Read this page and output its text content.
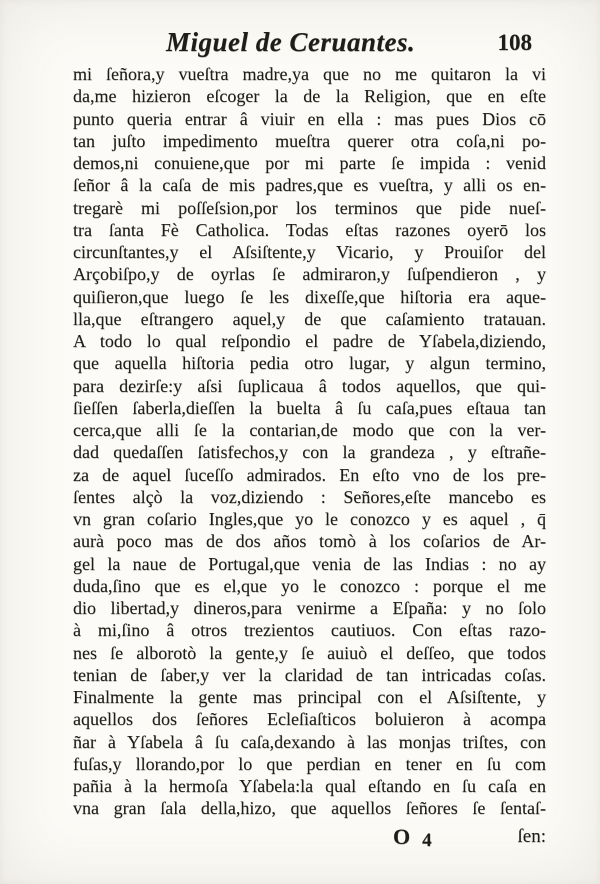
Miguel de Ceruantes.	108
mi ſeñora,y vueſtra madre,ya que no me quitaron la vi
da,me hizieron eſcoger la de la Religion, que en eſte
punto queria entrar â viuir en ella : mas pues Dios cō
tan juſto impedimento mueſtra querer otra coſa,ni po-
demos,ni conuiene,que por mi parte ſe impida : venid
ſeñor â la caſa de mis padres,que es vueſtra, y alli os en-
tregarè mi poſſeſsion,por los terminos que pide nueſ-
tra ſanta Fè Catholica. Todas eſtas razones oyerō los
circunſtantes,y el Aſsiſtente,y Vicario, y Prouiſor del
Arçobiſpo,y de oyrlas ſe admiraron,y ſuſpendieron , y
quiſieron,que luego ſe les dixeſſe,que hiſtoria era aque-
lla,que eſtrangero aquel,y de que caſamiento tratauan.
A todo lo qual reſpondio el padre de Yſabela,diziendo,
que aquella hiſtoria pedia otro lugar, y algun termino,
para dezirſe:y aſsi ſuplicaua â todos aquellos, que qui-
ſieſſen ſaberla,dieſſen la buelta â ſu caſa,pues eſtaua tan
cerca,que alli ſe la contarian,de modo que con la ver-
dad quedaſſen ſatisfechos,y con la grandeza , y eſtrañe-
za de aquel ſuceſſo admirados. En eſto vno de los pre-
ſentes alçò la voz,diziendo : Señores,eſte mancebo es
vn gran coſario Ingles,que yo le conozco y es aquel , q̄
aurà poco mas de dos años tomò à los coſarios de Ar-
gel la naue de Portugal,que venia de las Indias : no ay
duda,ſino que es el,que yo le conozco : porque el me
dio libertad,y dineros,para venirme a Eſpaña: y no ſolo
à mi,ſino â otros trezientos cautiuos. Con eſtas razo-
nes ſe alborotò la gente,y ſe auiuò el deſſeo, que todos
tenian de ſaber,y ver la claridad de tan intricadas coſas.
Finalmente la gente mas principal con el Aſsiſtente, y
aquellos dos ſeñores Ecleſiaſticos boluieron à acompa
ñar à Yſabela â ſu caſa,dexando à las monjas triſtes, con
fuſas,y llorando,por lo que perdian en tener en ſu com
pañia à la hermoſa Yſabela:la qual eſtando en ſu caſa en
vna gran ſala della,hizo, que aquellos ſeñores ſe ſentaſ-
O 4	ſen:
